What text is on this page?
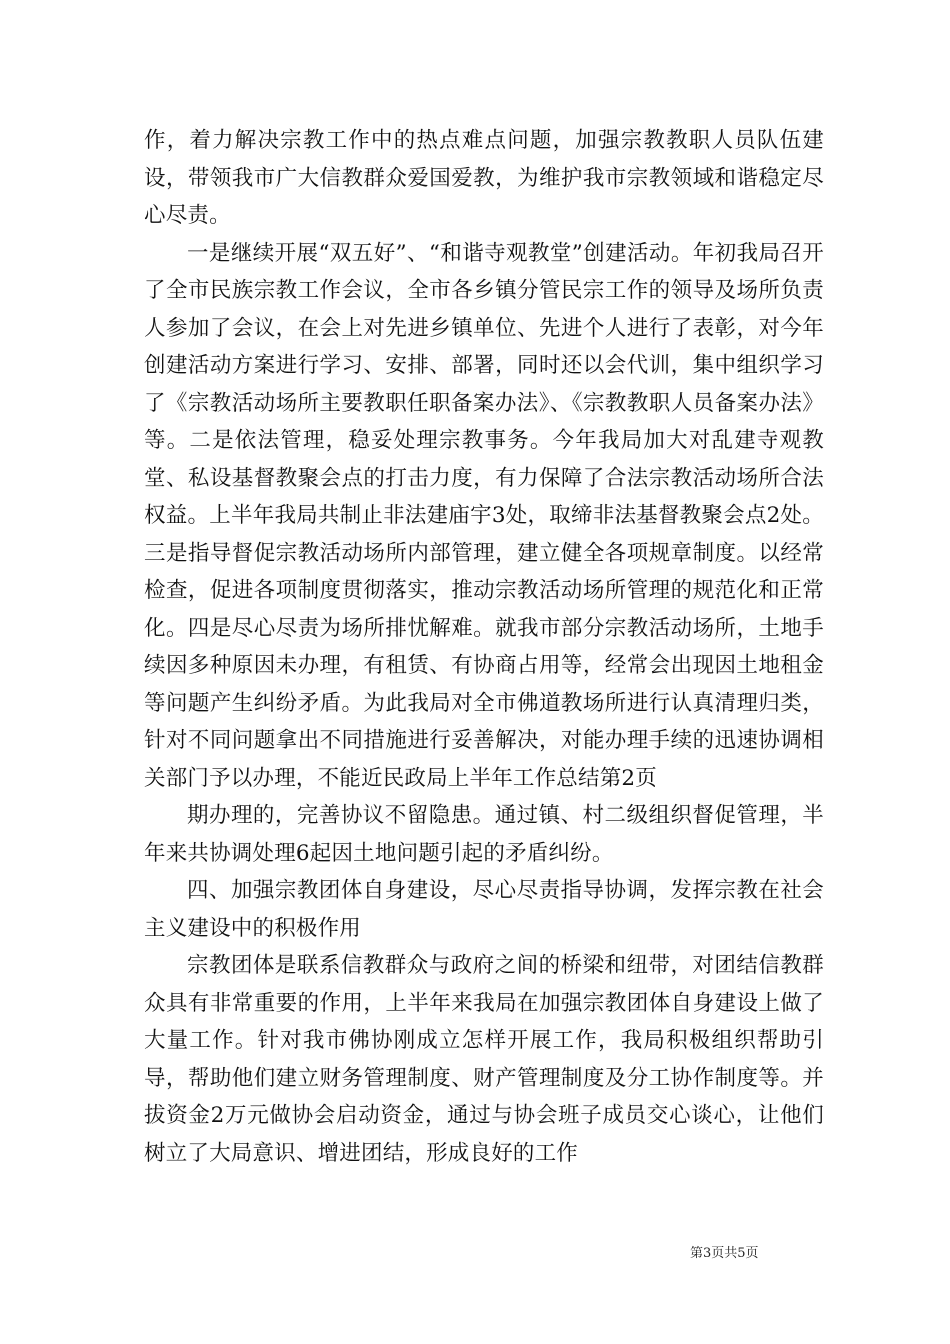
作，着力解决宗教工作中的热点难点问题，加强宗教教职人员队伍建设，带领我市广大信教群众爱国爱教，为维护我市宗教领域和谐稳定尽心尽责。

一是继续开展“双五好”、“和谐寺观教堂”创建活动。年初我局召开了全市民族宗教工作会议，全市各乡镇分管民宗工作的领导及场所负责人参加了会议，在会上对先进乡镇单位、先进个人进行了表彰，对今年创建活动方案进行学习、安排、部署，同时还以会代训，集中组织学习了《宗教活动场所主要教职任职备案办法》、《宗教教职人员备案办法》等。二是依法管理，稳妥处理宗教事务。今年我局加大对乱建寺观教堂、私设基督教聚会点的打击力度，有力保障了合法宗教活动场所合法权益。上半年我局共制止非法建庙宇3处，取缔非法基督教聚会点2处。三是指导督促宗教活动场所内部管理，建立健全各项规章制度。以经常检查，促进各项制度贯彻落实，推动宗教活动场所管理的规范化和正常化。四是尽心尽责为场所排忧解难。就我市部分宗教活动场所，土地手续因多种原因未办理，有租赁、有协商占用等，经常会出现因土地租金等问题产生纠纷矛盾。为此我局对全市佛道教场所进行认真清理归类，针对不同问题拿出不同措施进行妥善解决，对能办理手续的迅速协调相关部门予以办理，不能近民政局上半年工作总结第2页

期办理的，完善协议不留隐患。通过镇、村二级组织督促管理，半年来共协调处理6起因土地问题引起的矛盾纠纷。

四、加强宗教团体自身建设，尽心尽责指导协调，发挥宗教在社会主义建设中的积极作用

宗教团体是联系信教群众与政府之间的桥梁和纽带，对团结信教群众具有非常重要的作用，上半年来我局在加强宗教团体自身建设上做了大量工作。针对我市佛协刚成立怎样开展工作，我局积极组织帮助引导，帮助他们建立财务管理制度、财产管理制度及分工协作制度等。并拔资金2万元做协会启动资金，通过与协会班子成员交心谈心，让他们树立了大局意识、增进团结，形成良好的工作

第3页共5页
